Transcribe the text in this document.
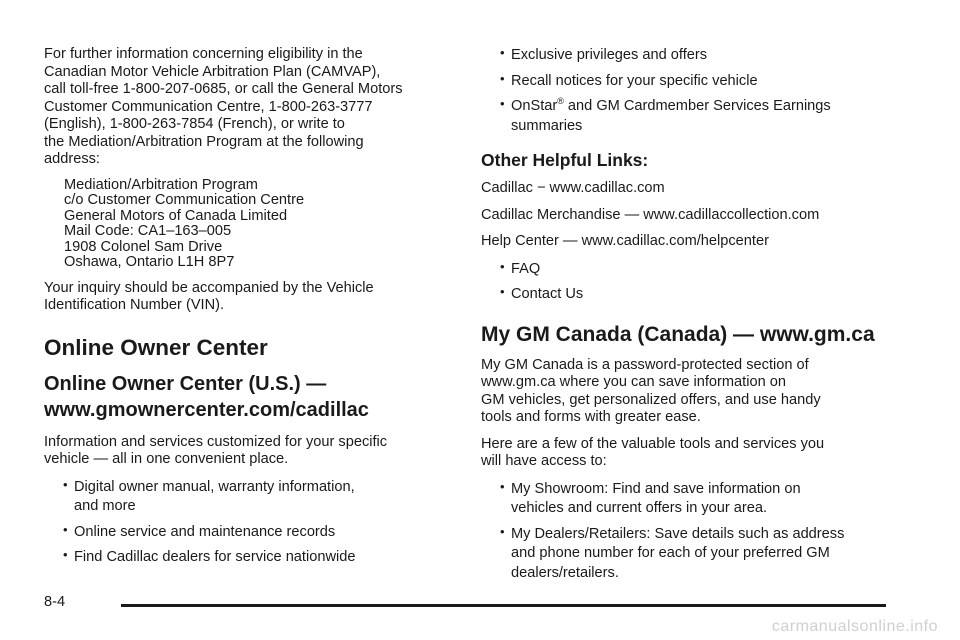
For further information concerning eligibility in the
Canadian Motor Vehicle Arbitration Plan (CAMVAP),
call toll-free 1-800-207-0685, or call the General Motors
Customer Communication Centre, 1-800-263-3777
(English), 1-800-263-7854 (French), or write to
the Mediation/Arbitration Program at the following
address:

Mediation/Arbitration Program
c/o Customer Communication Centre
General Motors of Canada Limited
Mail Code: CA1–163–005
1908 Colonel Sam Drive
Oshawa, Ontario L1H 8P7

Your inquiry should be accompanied by the Vehicle
Identification Number (VIN).

Online Owner Center
Online Owner Center (U.S.) —
www.gmownercenter.com/cadillac

Information and services customized for your specific
vehicle — all in one convenient place.

• Digital owner manual, warranty information,
and more
• Online service and maintenance records
• Find Cadillac dealers for service nationwide
• Exclusive privileges and offers
• Recall notices for your specific vehicle
• OnStar® and GM Cardmember Services Earnings
summaries
Other Helpful Links:

Cadillac − www.cadillac.com

Cadillac Merchandise — www.cadillaccollection.com

Help Center — www.cadillac.com/helpcenter

• FAQ
• Contact Us
My GM Canada (Canada) — www.gm.ca

My GM Canada is a password-protected section of
www.gm.ca where you can save information on
GM vehicles, get personalized offers, and use handy
tools and forms with greater ease.

Here are a few of the valuable tools and services you
will have access to:

• My Showroom: Find and save information on
vehicles and current offers in your area.
• My Dealers/Retailers: Save details such as address
and phone number for each of your preferred GM
dealers/retailers.
8-4
carmanualsonline.info
